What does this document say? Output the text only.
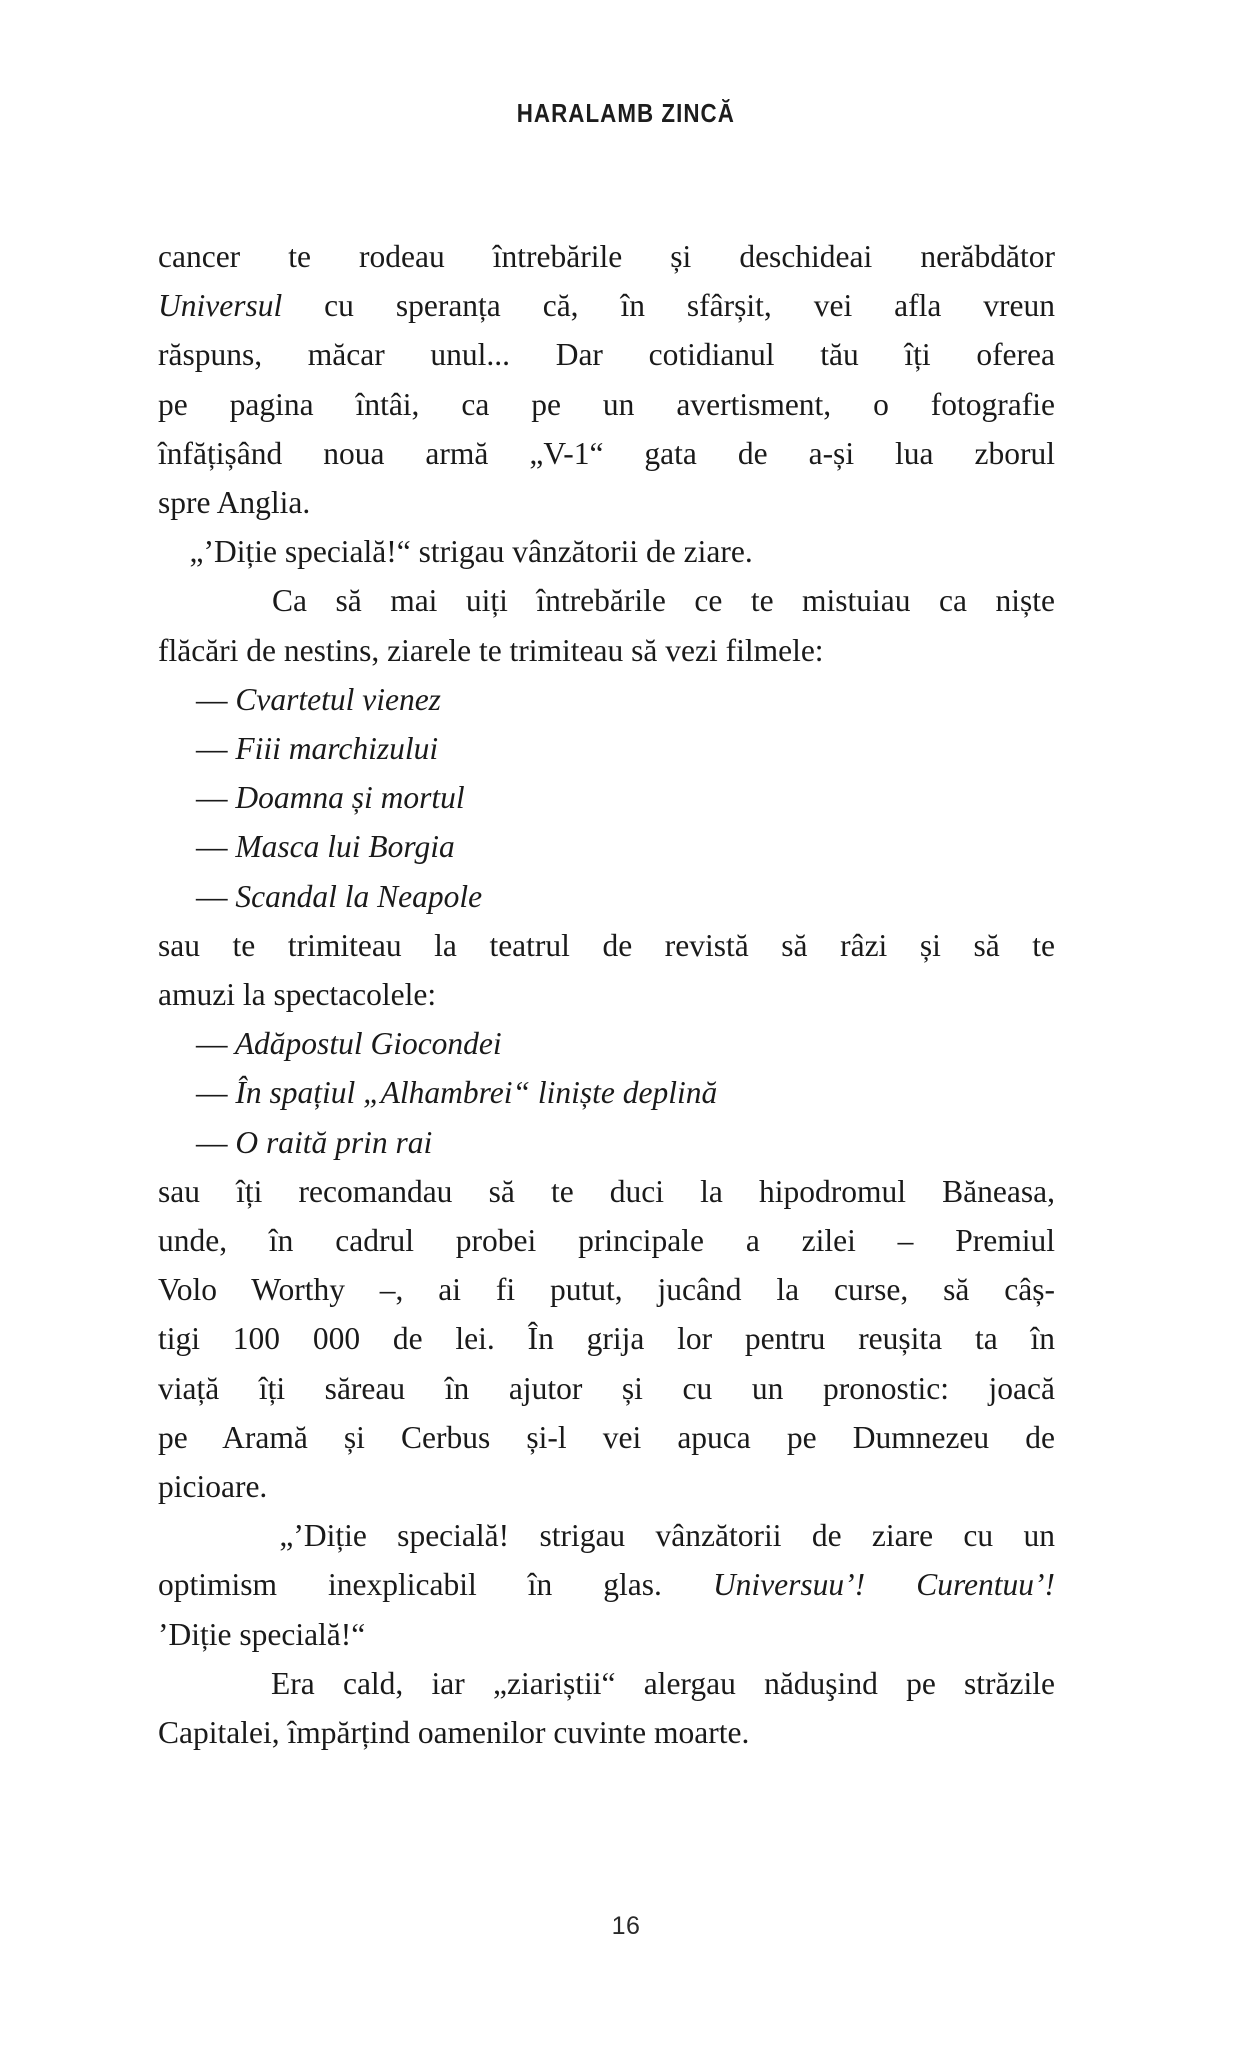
HARALAMB ZINCĂ

cancer te rodeau întrebările și deschideai nerăbdător
Universul cu speranța că, în sfârșit, vei afla vreun
răspuns, măcar unul... Dar cotidianul tău îți oferea
pe pagina întâi, ca pe un avertisment, o fotografie
înfățișând noua armă „V-1“ gata de a-și lua zborul
spre Anglia.

„’Diție specială!“ strigau vânzătorii de ziare.

Ca să mai uiți întrebările ce te mistuiau ca niște
flăcări de nestins, ziarele te trimiteau să vezi filmele:

— Cvartetul vienez
— Fiii marchizului
— Doamna și mortul
— Masca lui Borgia
— Scandal la Neapole

sau te trimiteau la teatrul de revistă să râzi și să te
amuzi la spectacolele:

— Adăpostul Giocondei
— În spațiul „Alhambrei“ liniște deplină
— O raită prin rai

sau îți recomandau să te duci la hipodromul Băneasa,
unde, în cadrul probei principale a zilei – Premiul
Volo Worthy –, ai fi putut, jucând la curse, să câș-
tigi 100 000 de lei. În grija lor pentru reușita ta în
viață îți săreau în ajutor și cu un pronostic: joacă
pe Aramă și Cerbus și-l vei apuca pe Dumnezeu de
picioare.

„’Diție specială! strigau vânzătorii de ziare cu un
optimism inexplicabil în glas. Universuu’! Curentuu’!
’Diție specială!“

Era cald, iar „ziariștii“ alergau năduşind pe străzile
Capitalei, împărțind oamenilor cuvinte moarte.

16
